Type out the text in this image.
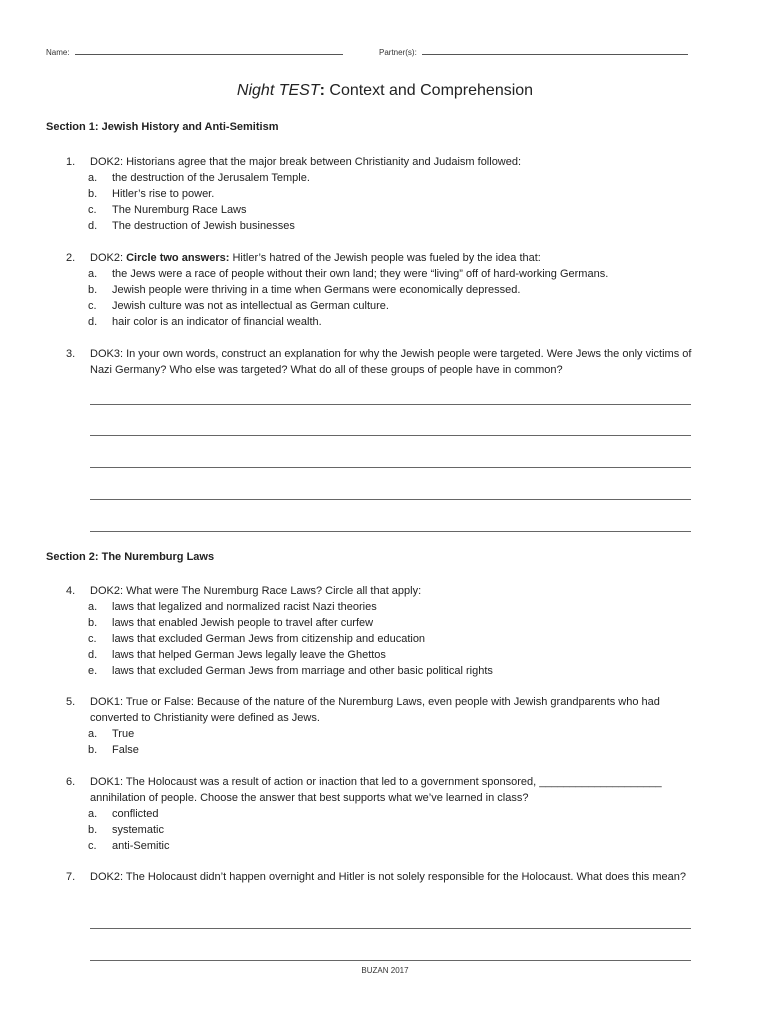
Name:	Partner(s):
Night TEST: Context and Comprehension
Section 1: Jewish History and Anti-Semitism
1.	DOK2: Historians agree that the major break between Christianity and Judaism followed:
a. the destruction of the Jerusalem Temple.
b. Hitler’s rise to power.
c. The Nuremburg Race Laws
d. The destruction of Jewish businesses
2.	DOK2: Circle two answers: Hitler’s hatred of the Jewish people was fueled by the idea that:
a. the Jews were a race of people without their own land; they were “living” off of hard-working Germans.
b. Jewish people were thriving in a time when Germans were economically depressed.
c. Jewish culture was not as intellectual as German culture.
d. hair color is an indicator of financial wealth.
3.	DOK3: In your own words, construct an explanation for why the Jewish people were targeted. Were Jews the only victims of Nazi Germany? Who else was targeted? What do all of these groups of people have in common?
Section 2: The Nuremburg Laws
4.	DOK2: What were The Nuremburg Race Laws? Circle all that apply:
a. laws that legalized and normalized racist Nazi theories
b. laws that enabled Jewish people to travel after curfew
c. laws that excluded German Jews from citizenship and education
d. laws that helped German Jews legally leave the Ghettos
e. laws that excluded German Jews from marriage and other basic political rights
5.	DOK1: True or False: Because of the nature of the Nuremburg Laws, even people with Jewish grandparents who had converted to Christianity were defined as Jews.
a. True
b. False
6.	DOK1: The Holocaust was a result of action or inaction that led to a government sponsored, ____________________ annihilation of people. Choose the answer that best supports what we’ve learned in class?
a. conflicted
b. systematic
c. anti-Semitic
7.	DOK2: The Holocaust didn’t happen overnight and Hitler is not solely responsible for the Holocaust. What does this mean?
BUZAN 2017
